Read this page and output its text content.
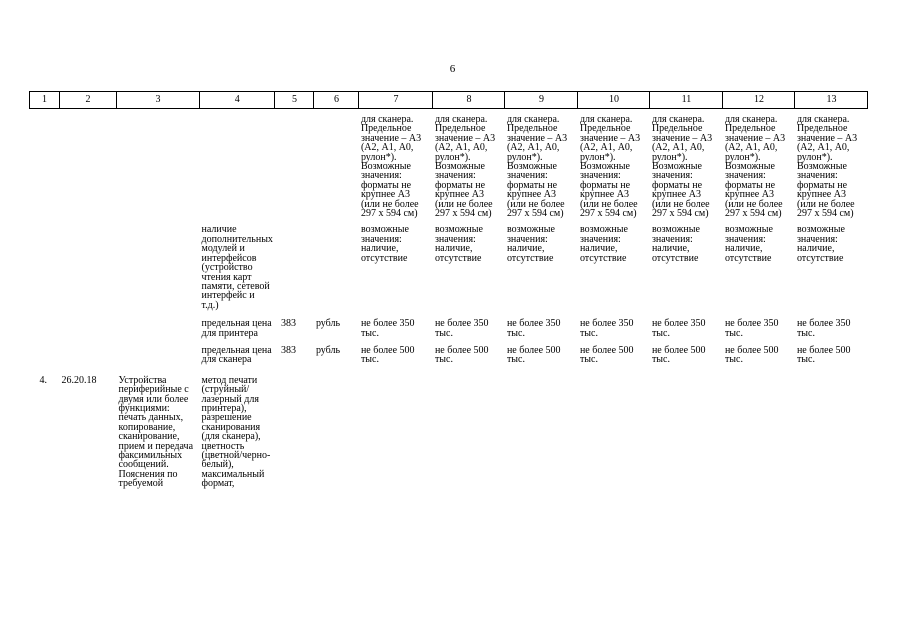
6
1	2	3	4	5	6	7	8	9	10	11	12	13
						для сканера. Предельное значение – А3 (А2, А1, А0, рулон*). Возможные значения: форматы не крупнее А3 (или не более 297 x 594 см)	для сканера. Предельное значение – А3 (А2, А1, А0, рулон*). Возможные значения: форматы не крупнее А3 (или не более 297 x 594 см)	для сканера. Предельное значение – А3 (А2, А1, А0, рулон*). Возможные значения: форматы не крупнее А3 (или не более 297 x 594 см)	для сканера. Предельное значение – А3 (А2, А1, А0, рулон*). Возможные значения: форматы не крупнее А3 (или не более 297 x 594 см)	для сканера. Предельное значение – А3 (А2, А1, А0, рулон*). Возможные значения: форматы не крупнее А3 (или не более 297 x 594 см)	для сканера. Предельное значение – А3 (А2, А1, А0, рулон*). Возможные значения: форматы не крупнее А3 (или не более 297 x 594 см)	для сканера. Предельное значение – А3 (А2, А1, А0, рулон*). Возможные значения: форматы не крупнее А3 (или не более 297 x 594 см)
			наличие дополнительных модулей и интерфейсов (устройство чтения карт памяти, сетевой интерфейс и т.д.)			возможные значения: наличие, отсутствие	возможные значения: наличие, отсутствие	возможные значения: наличие, отсутствие	возможные значения: наличие, отсутствие	возможные значения: наличие, отсутствие	возможные значения: наличие, отсутствие	возможные значения: наличие, отсутствие
			предельная цена для принтера	383	рубль	не более 350 тыс.	не более 350 тыс.	не более 350 тыс.	не более 350 тыс.	не более 350 тыс.	не более 350 тыс.	не более 350 тыс.
			предельная цена для сканера	383	рубль	не более 500 тыс.	не более 500 тыс.	не более 500 тыс.	не более 500 тыс.	не более 500 тыс.	не более 500 тыс.	не более 500 тыс.
4.	26.20.18	Устройства периферийные с двумя или более функциями: печать данных, копирование, сканирование, прием и передача факсимильных сообщений. Пояснения по требуемой	метод печати (струйный/лазерный для принтера), разрешение сканирования (для сканера), цветность (цветной/черно-белый), максимальный формат,									
